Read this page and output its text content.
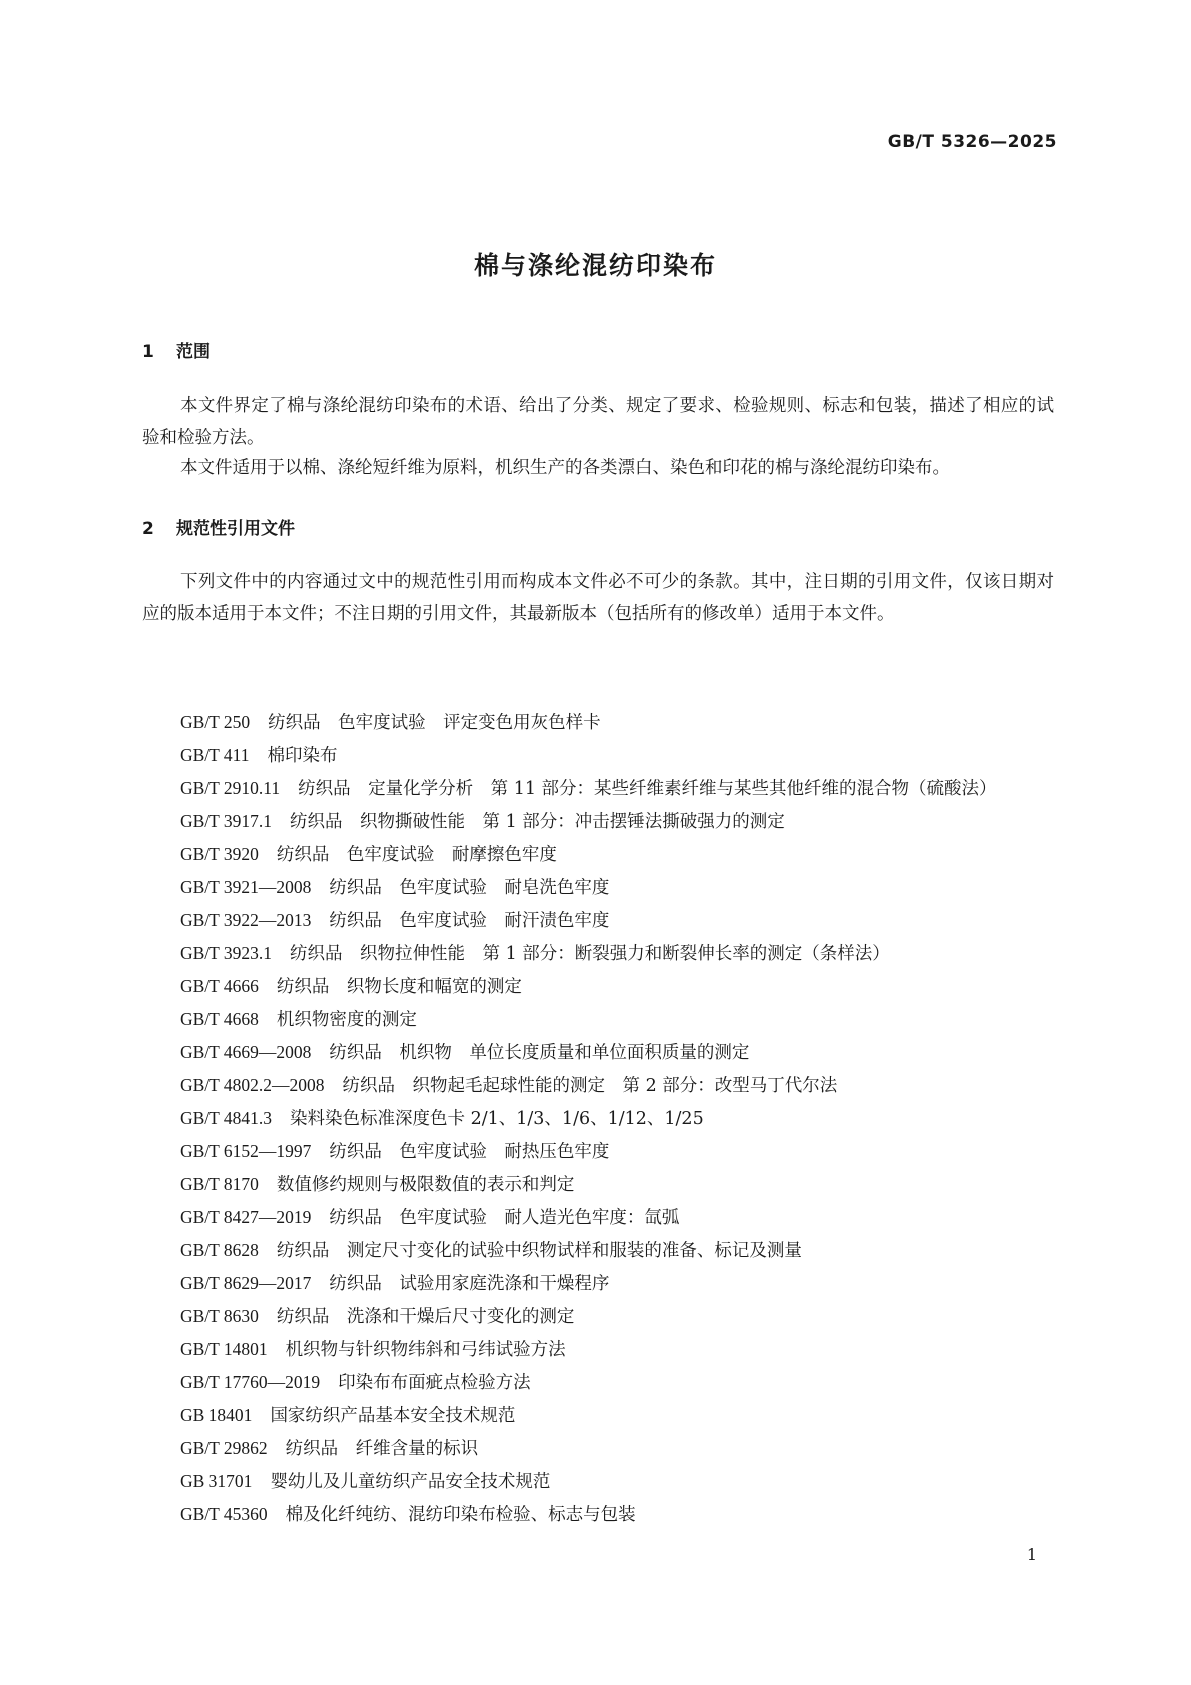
GB/T 5326—2025
棉与涤纶混纺印染布
1 范围

本文件界定了棉与涤纶混纺印染布的术语、给出了分类、规定了要求、检验规则、标志和包装，描述了相应的试验和检验方法。

本文件适用于以棉、涤纶短纤维为原料，机织生产的各类漂白、染色和印花的棉与涤纶混纺印染布。

2 规范性引用文件

下列文件中的内容通过文中的规范性引用而构成本文件必不可少的条款。其中，注日期的引用文件，仅该日期对应的版本适用于本文件；不注日期的引用文件，其最新版本（包括所有的修改单）适用于本文件。

GB/T 250 纺织品　色牢度试验　评定变色用灰色样卡
GB/T 411 棉印染布
GB/T 2910.11 纺织品　定量化学分析　第 11 部分：某些纤维素纤维与某些其他纤维的混合物（硫酸法）
GB/T 3917.1 纺织品　织物撕破性能　第 1 部分：冲击摆锤法撕破强力的测定
GB/T 3920 纺织品　色牢度试验　耐摩擦色牢度
GB/T 3921—2008 纺织品　色牢度试验　耐皂洗色牢度
GB/T 3922—2013 纺织品　色牢度试验　耐汗渍色牢度
GB/T 3923.1 纺织品　织物拉伸性能　第 1 部分：断裂强力和断裂伸长率的测定（条样法）
GB/T 4666 纺织品　织物长度和幅宽的测定
GB/T 4668 机织物密度的测定
GB/T 4669—2008 纺织品　机织物　单位长度质量和单位面积质量的测定
GB/T 4802.2—2008 纺织品　织物起毛起球性能的测定　第 2 部分：改型马丁代尔法
GB/T 4841.3 染料染色标准深度色卡 2/1、1/3、1/6、1/12、1/25
GB/T 6152—1997 纺织品　色牢度试验　耐热压色牢度
GB/T 8170 数值修约规则与极限数值的表示和判定
GB/T 8427—2019 纺织品　色牢度试验　耐人造光色牢度：氙弧
GB/T 8628 纺织品　测定尺寸变化的试验中织物试样和服装的准备、标记及测量
GB/T 8629—2017 纺织品　试验用家庭洗涤和干燥程序
GB/T 8630 纺织品　洗涤和干燥后尺寸变化的测定
GB/T 14801 机织物与针织物纬斜和弓纬试验方法
GB/T 17760—2019 印染布布面疵点检验方法
GB 18401 国家纺织产品基本安全技术规范
GB/T 29862 纺织品　纤维含量的标识
GB 31701 婴幼儿及儿童纺织产品安全技术规范
GB/T 45360 棉及化纤纯纺、混纺印染布检验、标志与包装
1
